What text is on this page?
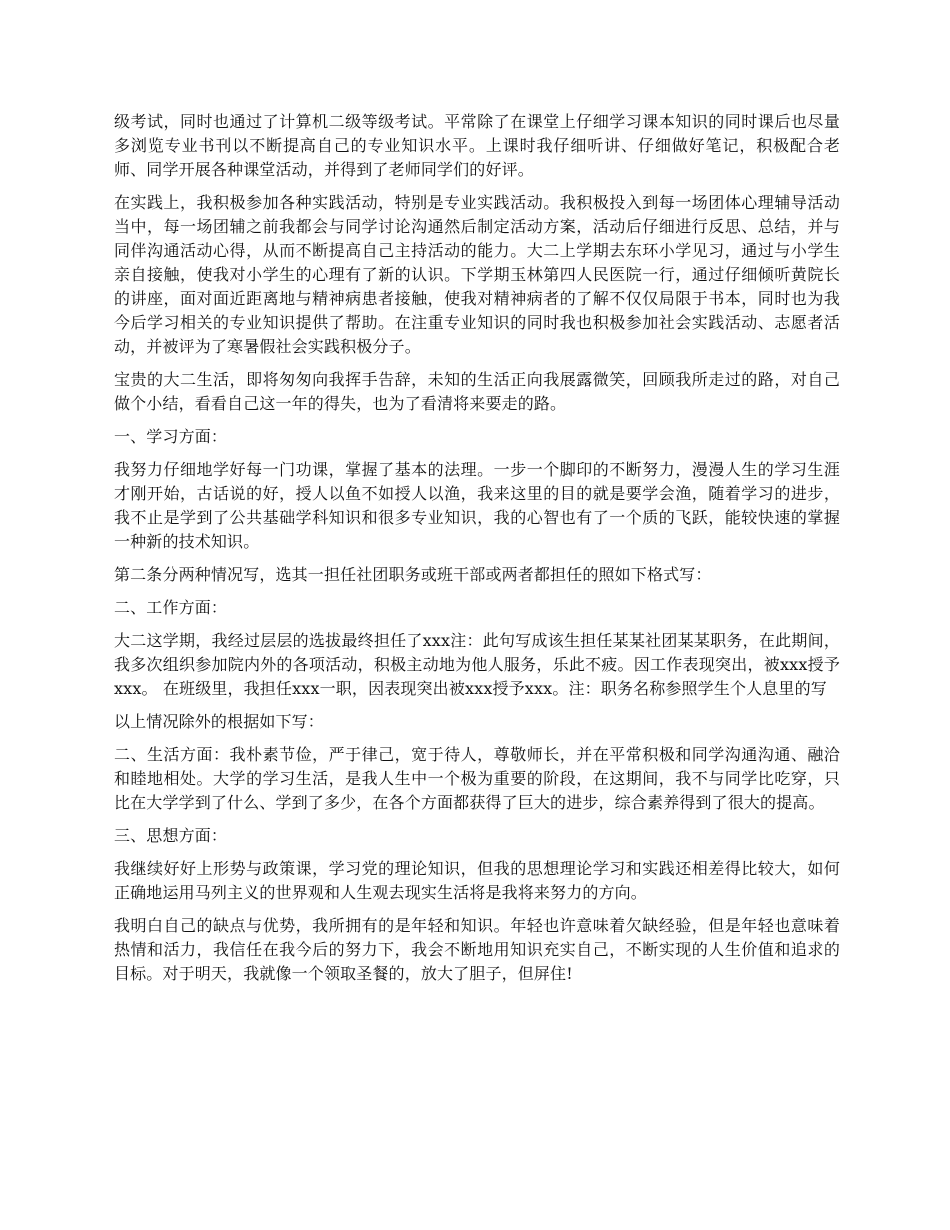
级考试，同时也通过了计算机二级等级考试。平常除了在课堂上仔细学习课本知识的同时课后也尽量多浏览专业书刊以不断提高自己的专业知识水平。上课时我仔细听讲、仔细做好笔记，积极配合老师、同学开展各种课堂活动，并得到了老师同学们的好评。

在实践上，我积极参加各种实践活动，特别是专业实践活动。我积极投入到每一场团体心理辅导活动当中，每一场团辅之前我都会与同学讨论沟通然后制定活动方案，活动后仔细进行反思、总结，并与同伴沟通活动心得，从而不断提高自己主持活动的能力。大二上学期去东环小学见习，通过与小学生亲自接触，使我对小学生的心理有了新的认识。下学期玉林第四人民医院一行，通过仔细倾听黄院长的讲座，面对面近距离地与精神病患者接触，使我对精神病者的了解不仅仅局限于书本，同时也为我今后学习相关的专业知识提供了帮助。在注重专业知识的同时我也积极参加社会实践活动、志愿者活动，并被评为了寒暑假社会实践积极分子。

宝贵的大二生活，即将匆匆向我挥手告辞，未知的生活正向我展露微笑，回顾我所走过的路，对自己做个小结，看看自己这一年的得失，也为了看清将来要走的路。

一、学习方面：

我努力仔细地学好每一门功课，掌握了基本的法理。一步一个脚印的不断努力，漫漫人生的学习生涯才刚开始，古话说的好，授人以鱼不如授人以渔，我来这里的目的就是要学会渔，随着学习的进步，我不止是学到了公共基础学科知识和很多专业知识，我的心智也有了一个质的飞跃，能较快速的掌握一种新的技术知识。

第二条分两种情况写，选其一担任社团职务或班干部或两者都担任的照如下格式写：

二、工作方面：

大二这学期，我经过层层的选拔最终担任了xxx注：此句写成该生担任某某社团某某职务，在此期间，我多次组织参加院内外的各项活动，积极主动地为他人服务，乐此不疲。因工作表现突出，被xxx授予xxx。 在班级里，我担任xxx一职，因表现突出被xxx授予xxx。注：职务名称参照学生个人息里的写

以上情况除外的根据如下写：

二、生活方面：我朴素节俭，严于律己，宽于待人，尊敬师长，并在平常积极和同学沟通沟通、融洽和睦地相处。大学的学习生活，是我人生中一个极为重要的阶段，在这期间，我不与同学比吃穿，只比在大学学到了什么、学到了多少，在各个方面都获得了巨大的进步，综合素养得到了很大的提高。

三、思想方面：

我继续好好上形势与政策课，学习党的理论知识，但我的思想理论学习和实践还相差得比较大，如何正确地运用马列主义的世界观和人生观去现实生活将是我将来努力的方向。

我明白自己的缺点与优势，我所拥有的是年轻和知识。年轻也许意味着欠缺经验，但是年轻也意味着热情和活力，我信任在我今后的努力下，我会不断地用知识充实自己，不断实现的人生价值和追求的目标。对于明天，我就像一个领取圣餐的，放大了胆子，但屏住!
